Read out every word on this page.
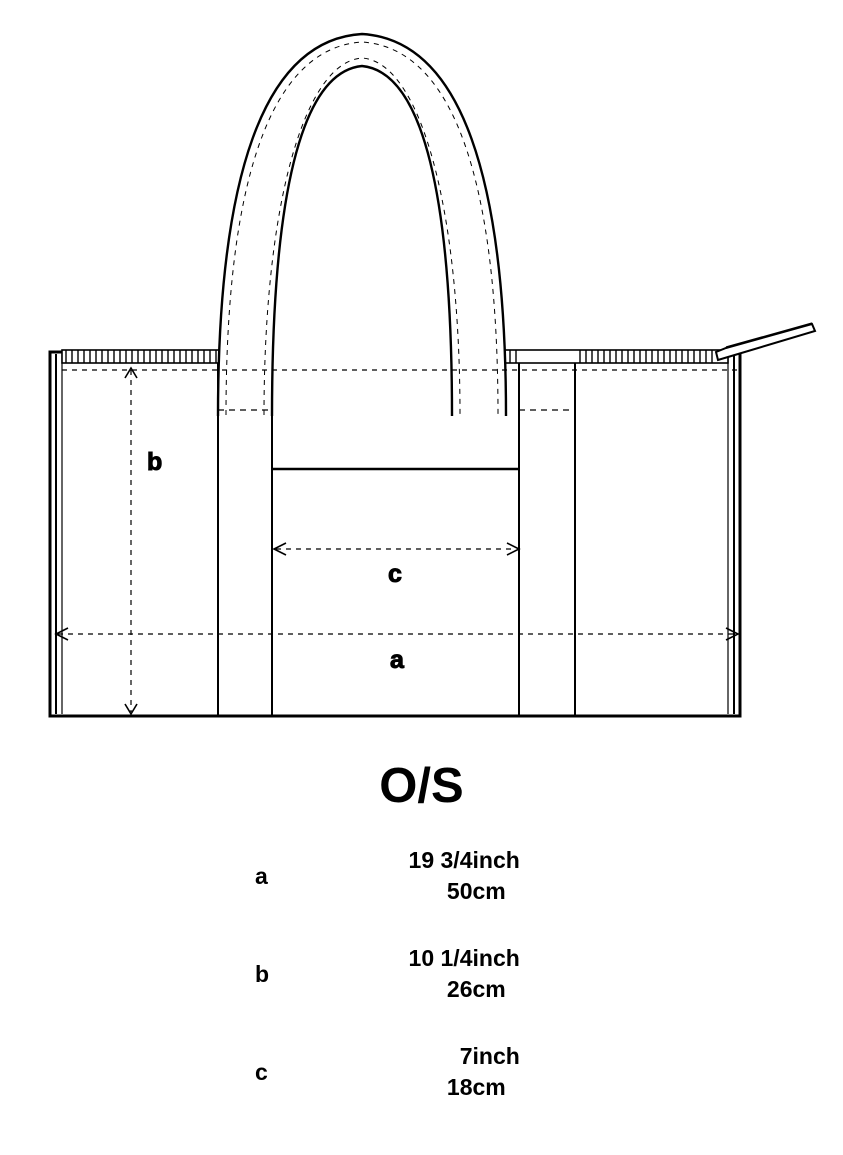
b
a
c
O/S
a	19 3/4	inch
	50	cm

b	10 1/4	inch
	26	cm

c	7	inch
	18	cm
